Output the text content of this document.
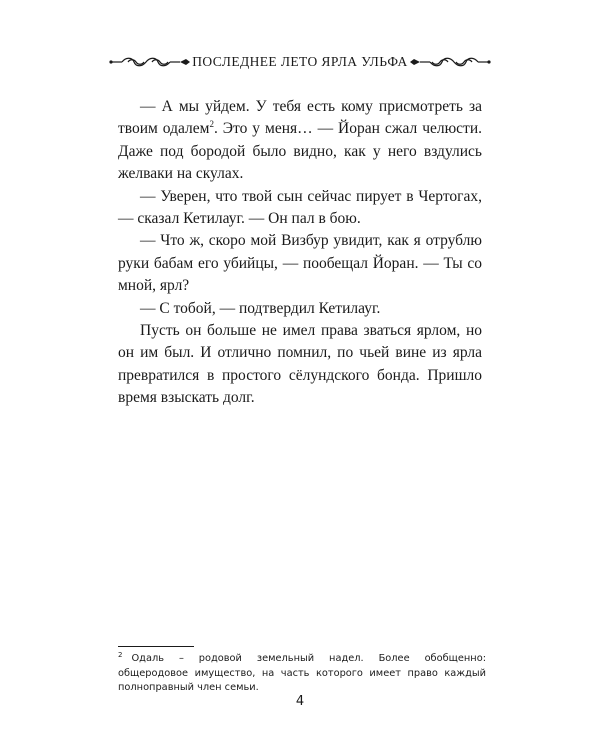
ПОСЛЕДНЕЕ ЛЕТО ЯРЛА УЛЬФА

— А мы уйдем. У тебя есть кому присмотреть за твоим одалем$^2$. Это у меня… — Йоран сжал челюсти. Даже под бородой было видно, как у него вздулись желваки на скулах.

— Уверен, что твой сын сейчас пирует в Чертогах, — сказал Кетилауг. — Он пал в бою.

— Что ж, скоро мой Визбур увидит, как я отрублю руки бабам его убийцы, — пообещал Йоран. — Ты со мной, ярл?

— С тобой, — подтвердил Кетилауг.

Пусть он больше не имел права зваться ярлом, но он им был. И отлично помнил, по чьей вине из ярла превратился в простого сёлундского бонда. Пришло время взыскать долг.

$^2$ Одаль – родовой земельный надел. Более обобщенно: общеродовое имущество, на часть которого имеет право каждый полноправный член семьи.
4
